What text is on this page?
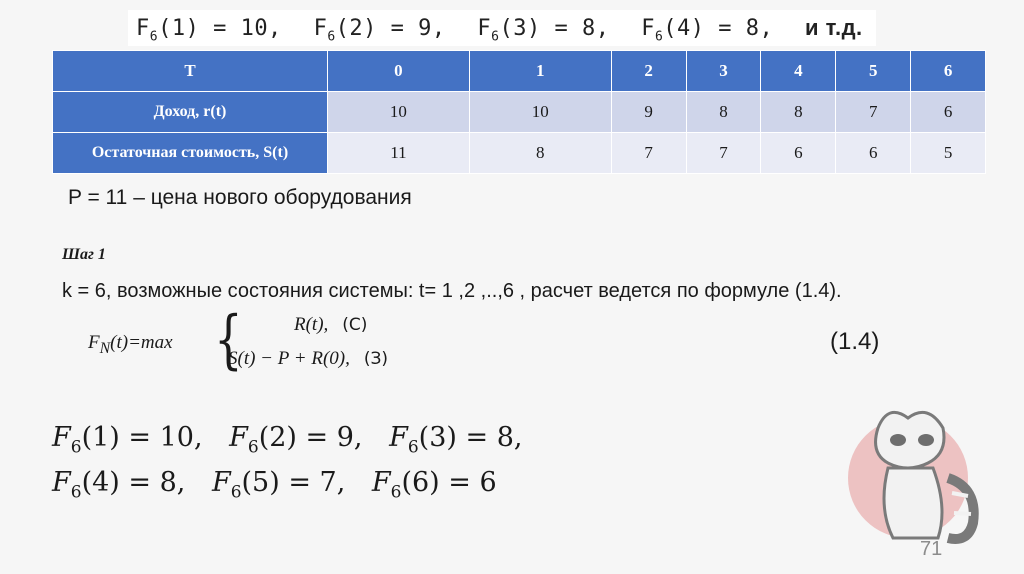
$F_6(1) = 10$, $F_6(2) = 9$, $F_6(3) = 8$, $F_6(4) = 8$, и т.д.
T	0	1	2	3	4	5	6
Доход, r(t)	10	10	9	8	8	7	6
Остаточная стоимость, S(t)	11	8	7	7	6	6	5
P = 11 – цена нового оборудования
Шаг 1
k = 6, возможные состояния системы: t= 1 ,2 ,..,6 , расчет ведется по формуле (1.4).
$F_N(t)=\max$ {	R(t), (С)
S(t) − P + R(0), (З)
(1.4)
$F_6(1) = 10$, $F_6(2) = 9$, $F_6(3) = 8$,
$F_6(4) = 8$, $F_6(5) = 7$, $F_6(6) = 6$
71
